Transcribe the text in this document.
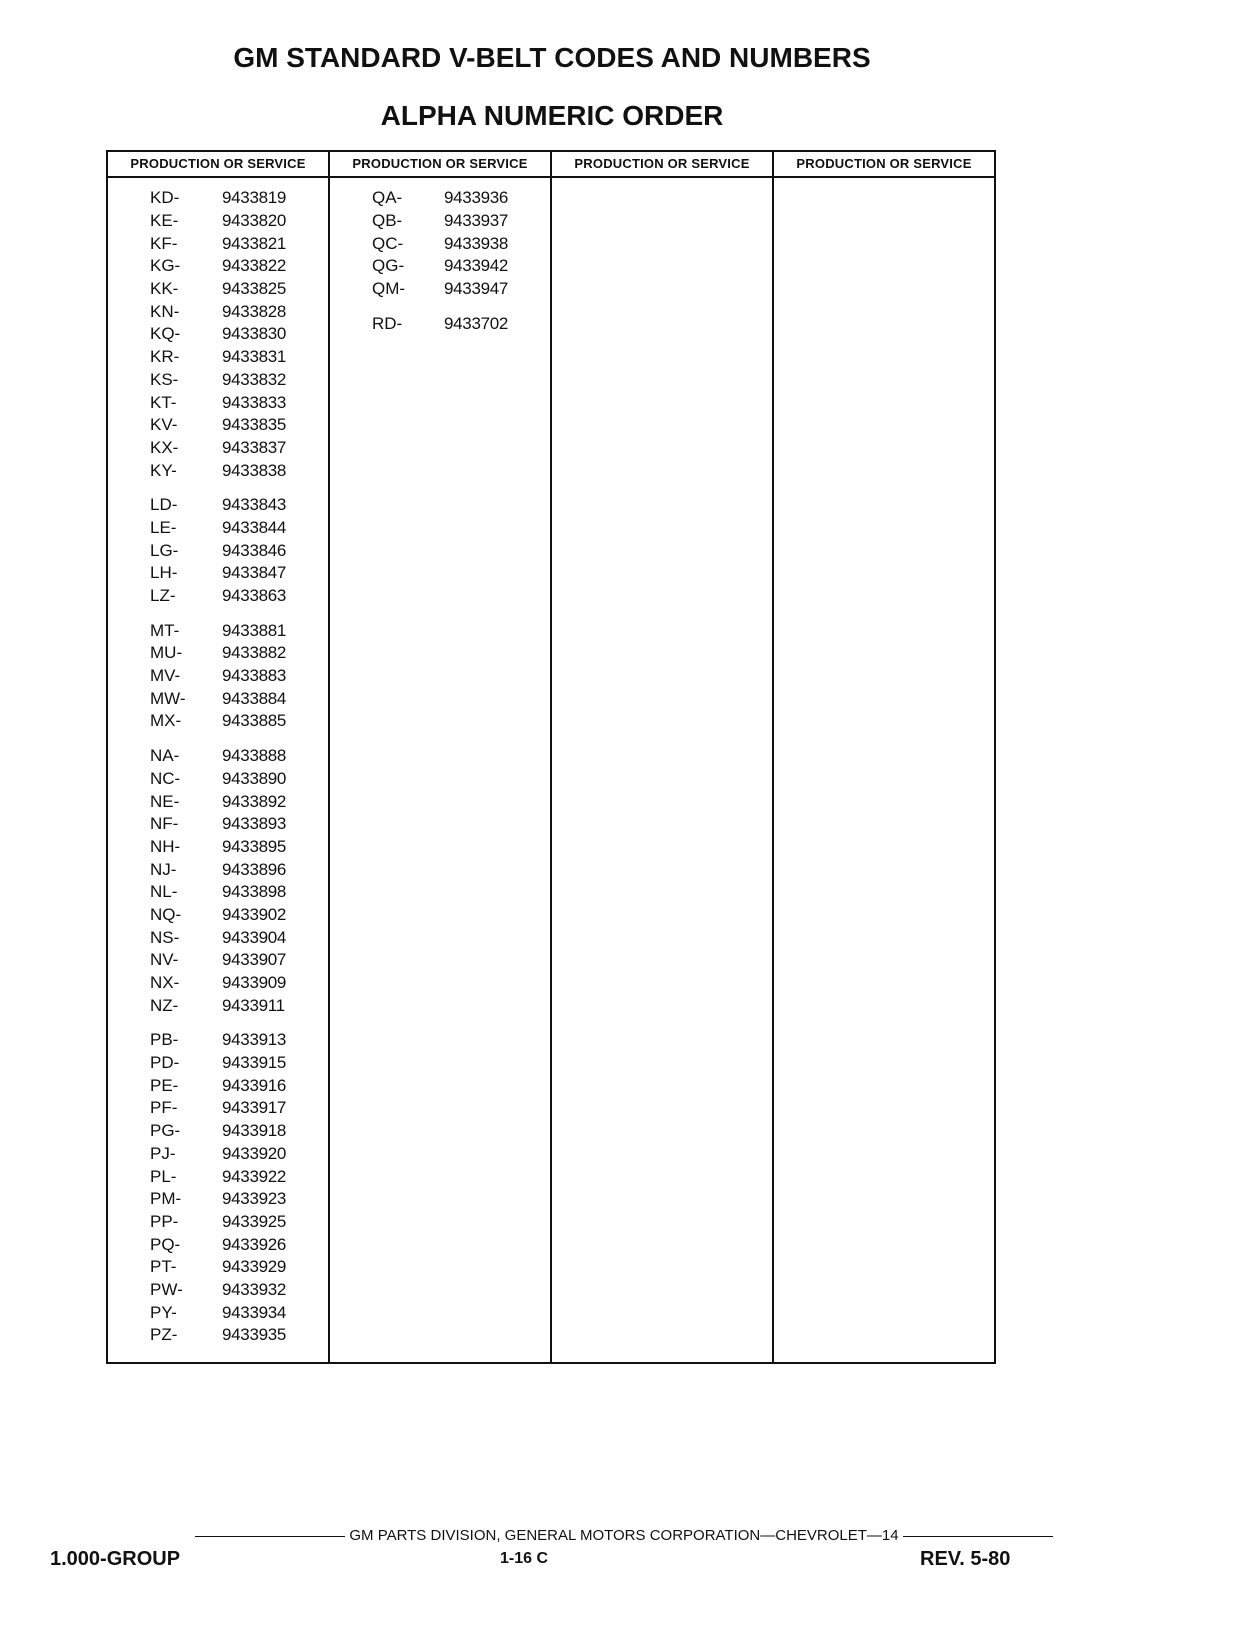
GM STANDARD V-BELT CODES AND NUMBERS
ALPHA NUMERIC ORDER
PRODUCTION OR SERVICE
KD-	9433819
KE-	9433820
KF-	9433821
KG-	9433822
KK-	9433825
KN-	9433828
KQ-	9433830
KR-	9433831
KS-	9433832
KT-	9433833
KV-	9433835
KX-	9433837
KY-	9433838
LD-	9433843
LE-	9433844
LG-	9433846
LH-	9433847
LZ-	9433863
MT-	9433881
MU-	9433882
MV-	9433883
MW-	9433884
MX-	9433885
NA-	9433888
NC-	9433890
NE-	9433892
NF-	9433893
NH-	9433895
NJ-	9433896
NL-	9433898
NQ-	9433902
NS-	9433904
NV-	9433907
NX-	9433909
NZ-	9433911
PB-	9433913
PD-	9433915
PE-	9433916
PF-	9433917
PG-	9433918
PJ-	9433920
PL-	9433922
PM-	9433923
PP-	9433925
PQ-	9433926
PT-	9433929
PW-	9433932
PY-	9433934
PZ-	9433935
PRODUCTION OR SERVICE
QA-	9433936
QB-	9433937
QC-	9433938
QG-	9433942
QM-	9433947
RD-	9433702
PRODUCTION OR SERVICE	PRODUCTION OR SERVICE
GM PARTS DIVISION, GENERAL MOTORS CORPORATION—CHEVROLET—14
1.000-GROUP	1-16 C	REV. 5-80
